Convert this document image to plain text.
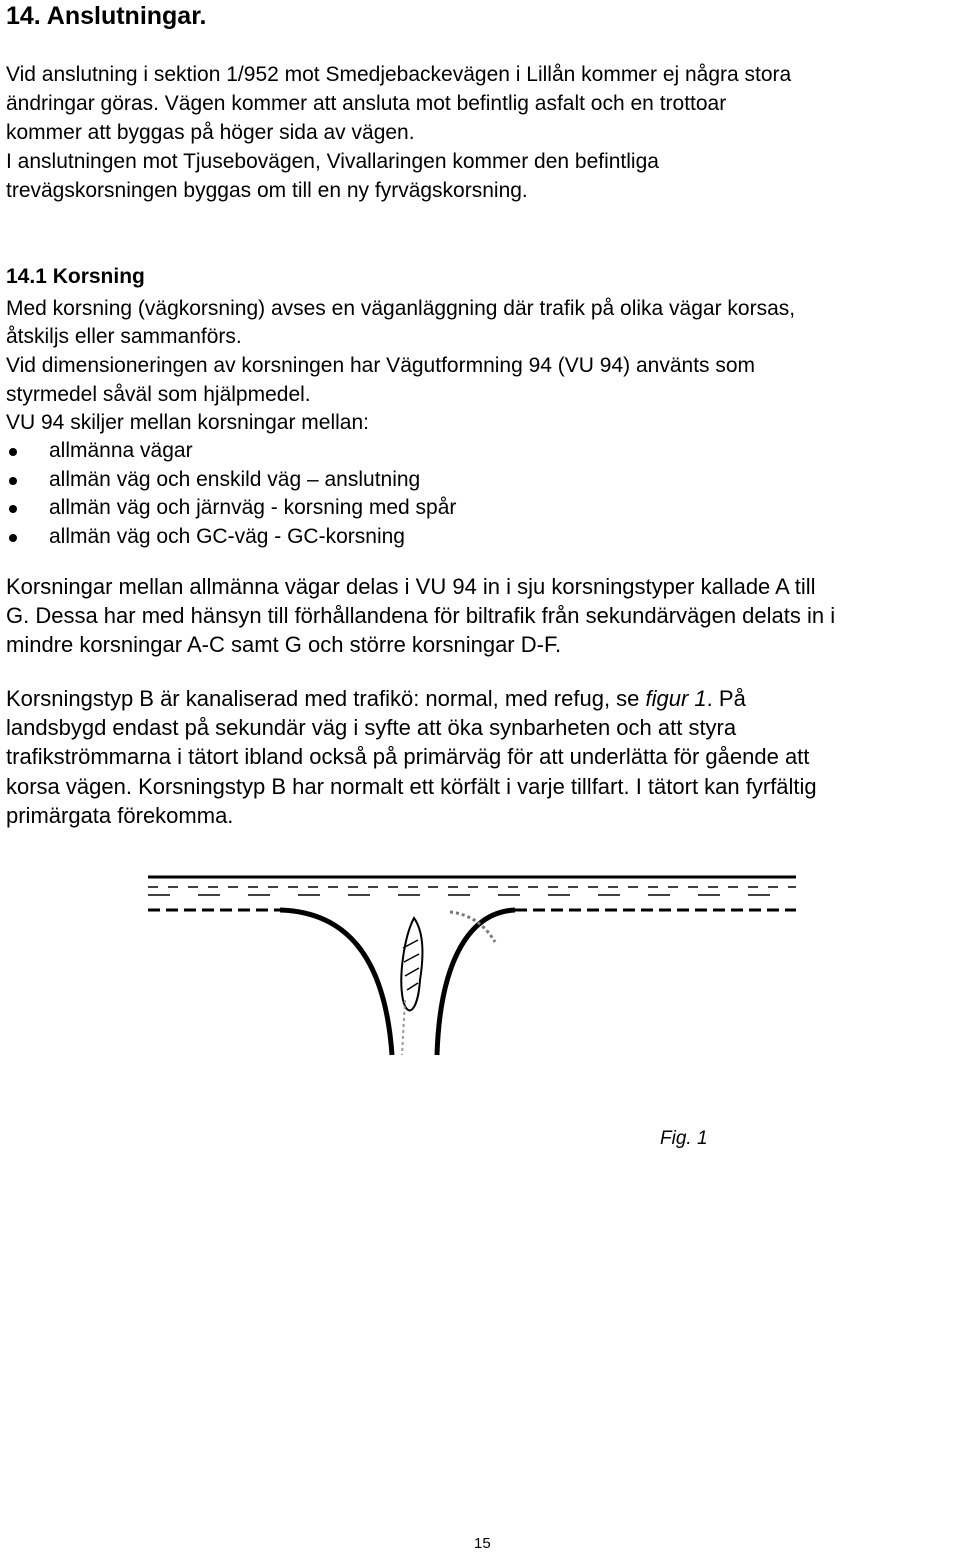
14. Anslutningar.
Vid anslutning i sektion 1/952 mot Smedjebackevägen i Lillån kommer ej några stora
ändringar göras. Vägen kommer att ansluta mot befintlig asfalt och en trottoar
kommer att byggas på höger sida av vägen.
I anslutningen mot Tjusebovägen, Vivallaringen kommer den befintliga
trevägskorsningen byggas om till en ny fyrvägskorsning.
14.1 Korsning
Med korsning (vägkorsning) avses en väganläggning där trafik på olika vägar korsas,
åtskiljs eller sammanförs.
Vid dimensioneringen av korsningen har Vägutformning 94 (VU 94) använts som
styrmedel såväl som hjälpmedel.
VU 94 skiljer mellan korsningar mellan:
allmänna vägar
allmän väg och enskild väg – anslutning
allmän väg och järnväg - korsning med spår
allmän väg och GC-väg - GC-korsning
Korsningar mellan allmänna vägar delas i VU 94 in i sju korsningstyper kallade A till
G. Dessa har med hänsyn till förhållandena för biltrafik från sekundärvägen delats in i
mindre korsningar A-C samt G och större korsningar D-F.
Korsningstyp B är kanaliserad med trafikö: normal, med refug, se figur 1. På
landsbygd endast på sekundär väg i syfte att öka synbarheten och att styra
trafikströmmarna i tätort ibland också på primärväg för att underlätta för gående att
korsa vägen. Korsningstyp B har normalt ett körfält i varje tillfart. I tätort kan fyrfältig
primärgata förekomma.
Fig. 1
15
